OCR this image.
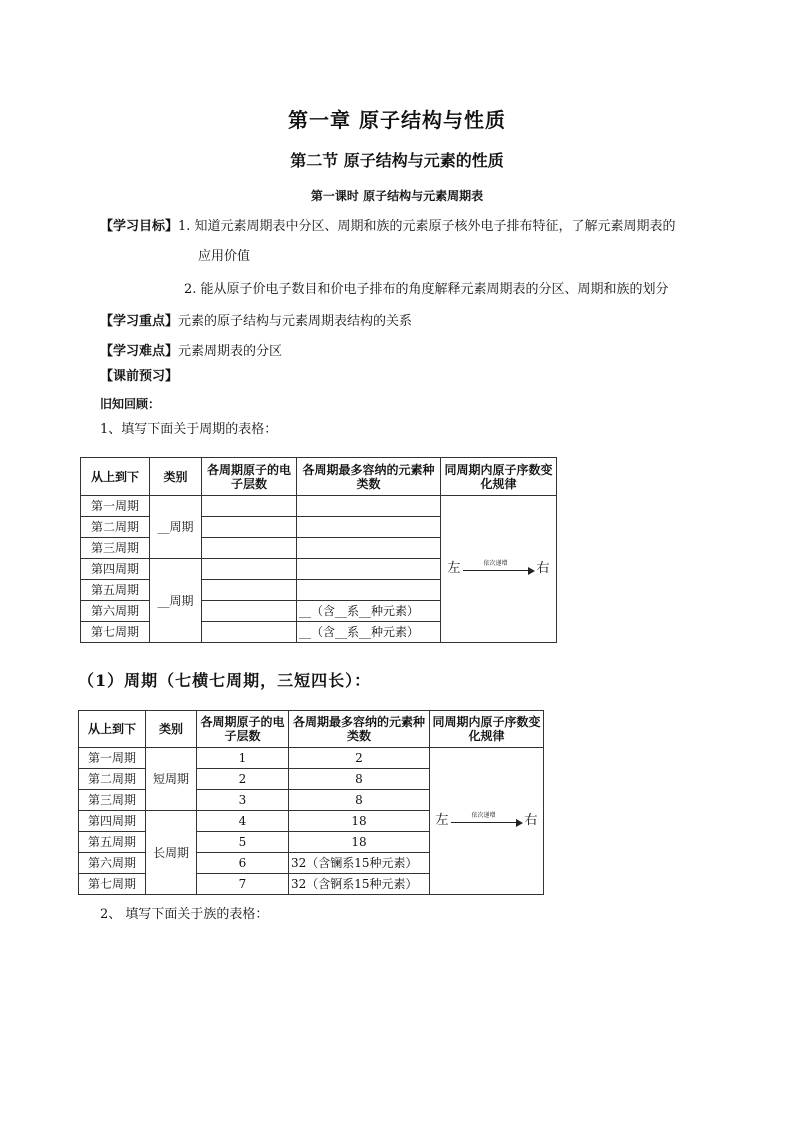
第一章 原子结构与性质
第二节 原子结构与元素的性质
第一课时 原子结构与元素周期表
【学习目标】1. 知道元素周期表中分区、周期和族的元素原子核外电子排布特征，了解元素周期表的
应用价值
2. 能从原子价电子数目和价电子排布的角度解释元素周期表的分区、周期和族的划分
【学习重点】元素的原子结构与元素周期表结构的关系
【学习难点】元素周期表的分区
【课前预习】
旧知回顾：
1、填写下面关于周期的表格：
从上到下	类别	各周期原子的电子层数	各周期最多容纳的元素种类数	同周期内原子序数变化规律
第一周期	__周期			左 依次递增 右

第二周期				
第三周期				
第四周期	__周期			
第五周期				
第六周期			__（含__系__种元素）	
第七周期			__（含__系__种元素）	
（1）周期（七横七周期，三短四长）：
从上到下	类别	各周期原子的电子层数	各周期最多容纳的元素种类数	同周期内原子序数变化规律
第一周期	短周期	1	2	左 依次递增 右

第二周期		2	8	
第三周期		3	8	
第四周期	长周期	4	18	
第五周期		5	18	
第六周期		6	32（含镧系15种元素）	
第七周期		7	32（含锕系15种元素）	
2、 填写下面关于族的表格：
